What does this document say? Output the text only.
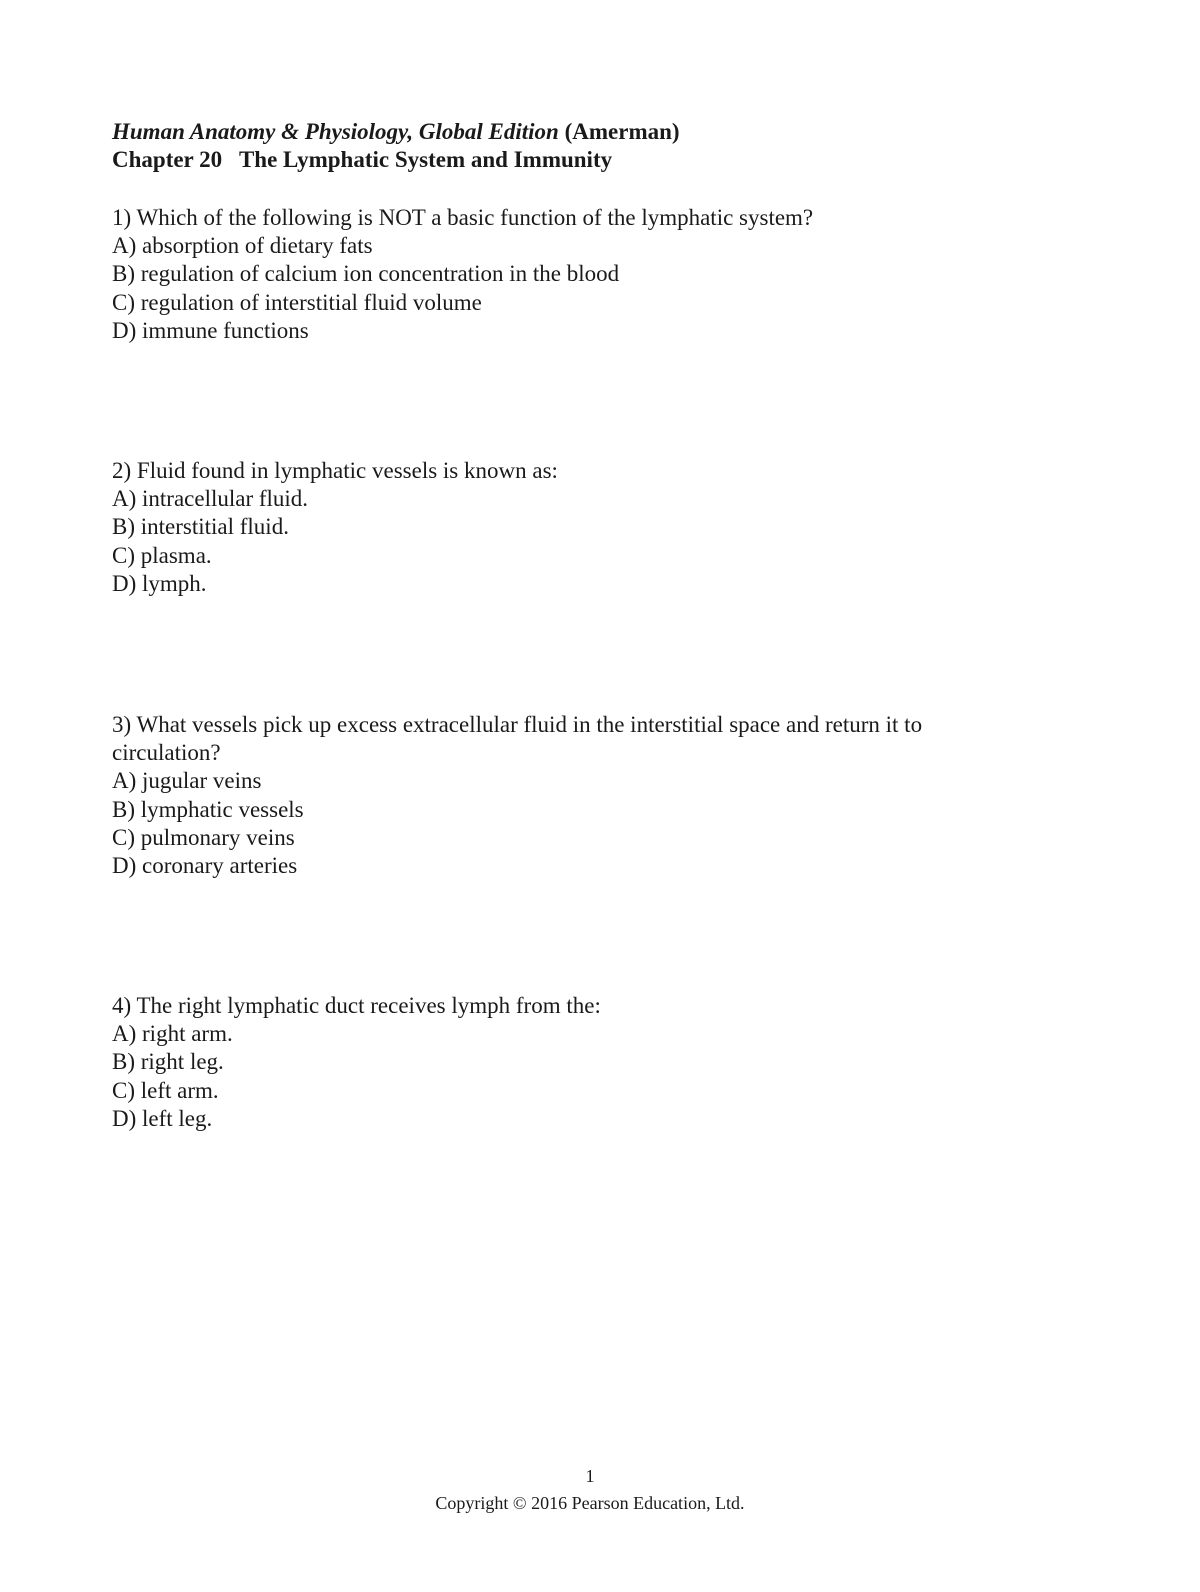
Human Anatomy & Physiology, Global Edition (Amerman)
Chapter 20   The Lymphatic System and Immunity
1) Which of the following is NOT a basic function of the lymphatic system?
A) absorption of dietary fats
B) regulation of calcium ion concentration in the blood
C) regulation of interstitial fluid volume
D) immune functions
2) Fluid found in lymphatic vessels is known as:
A) intracellular fluid.
B) interstitial fluid.
C) plasma.
D) lymph.
3) What vessels pick up excess extracellular fluid in the interstitial space and return it to circulation?
A) jugular veins
B) lymphatic vessels
C) pulmonary veins
D) coronary arteries
4) The right lymphatic duct receives lymph from the:
A) right arm.
B) right leg.
C) left arm.
D) left leg.
1
Copyright © 2016 Pearson Education, Ltd.
